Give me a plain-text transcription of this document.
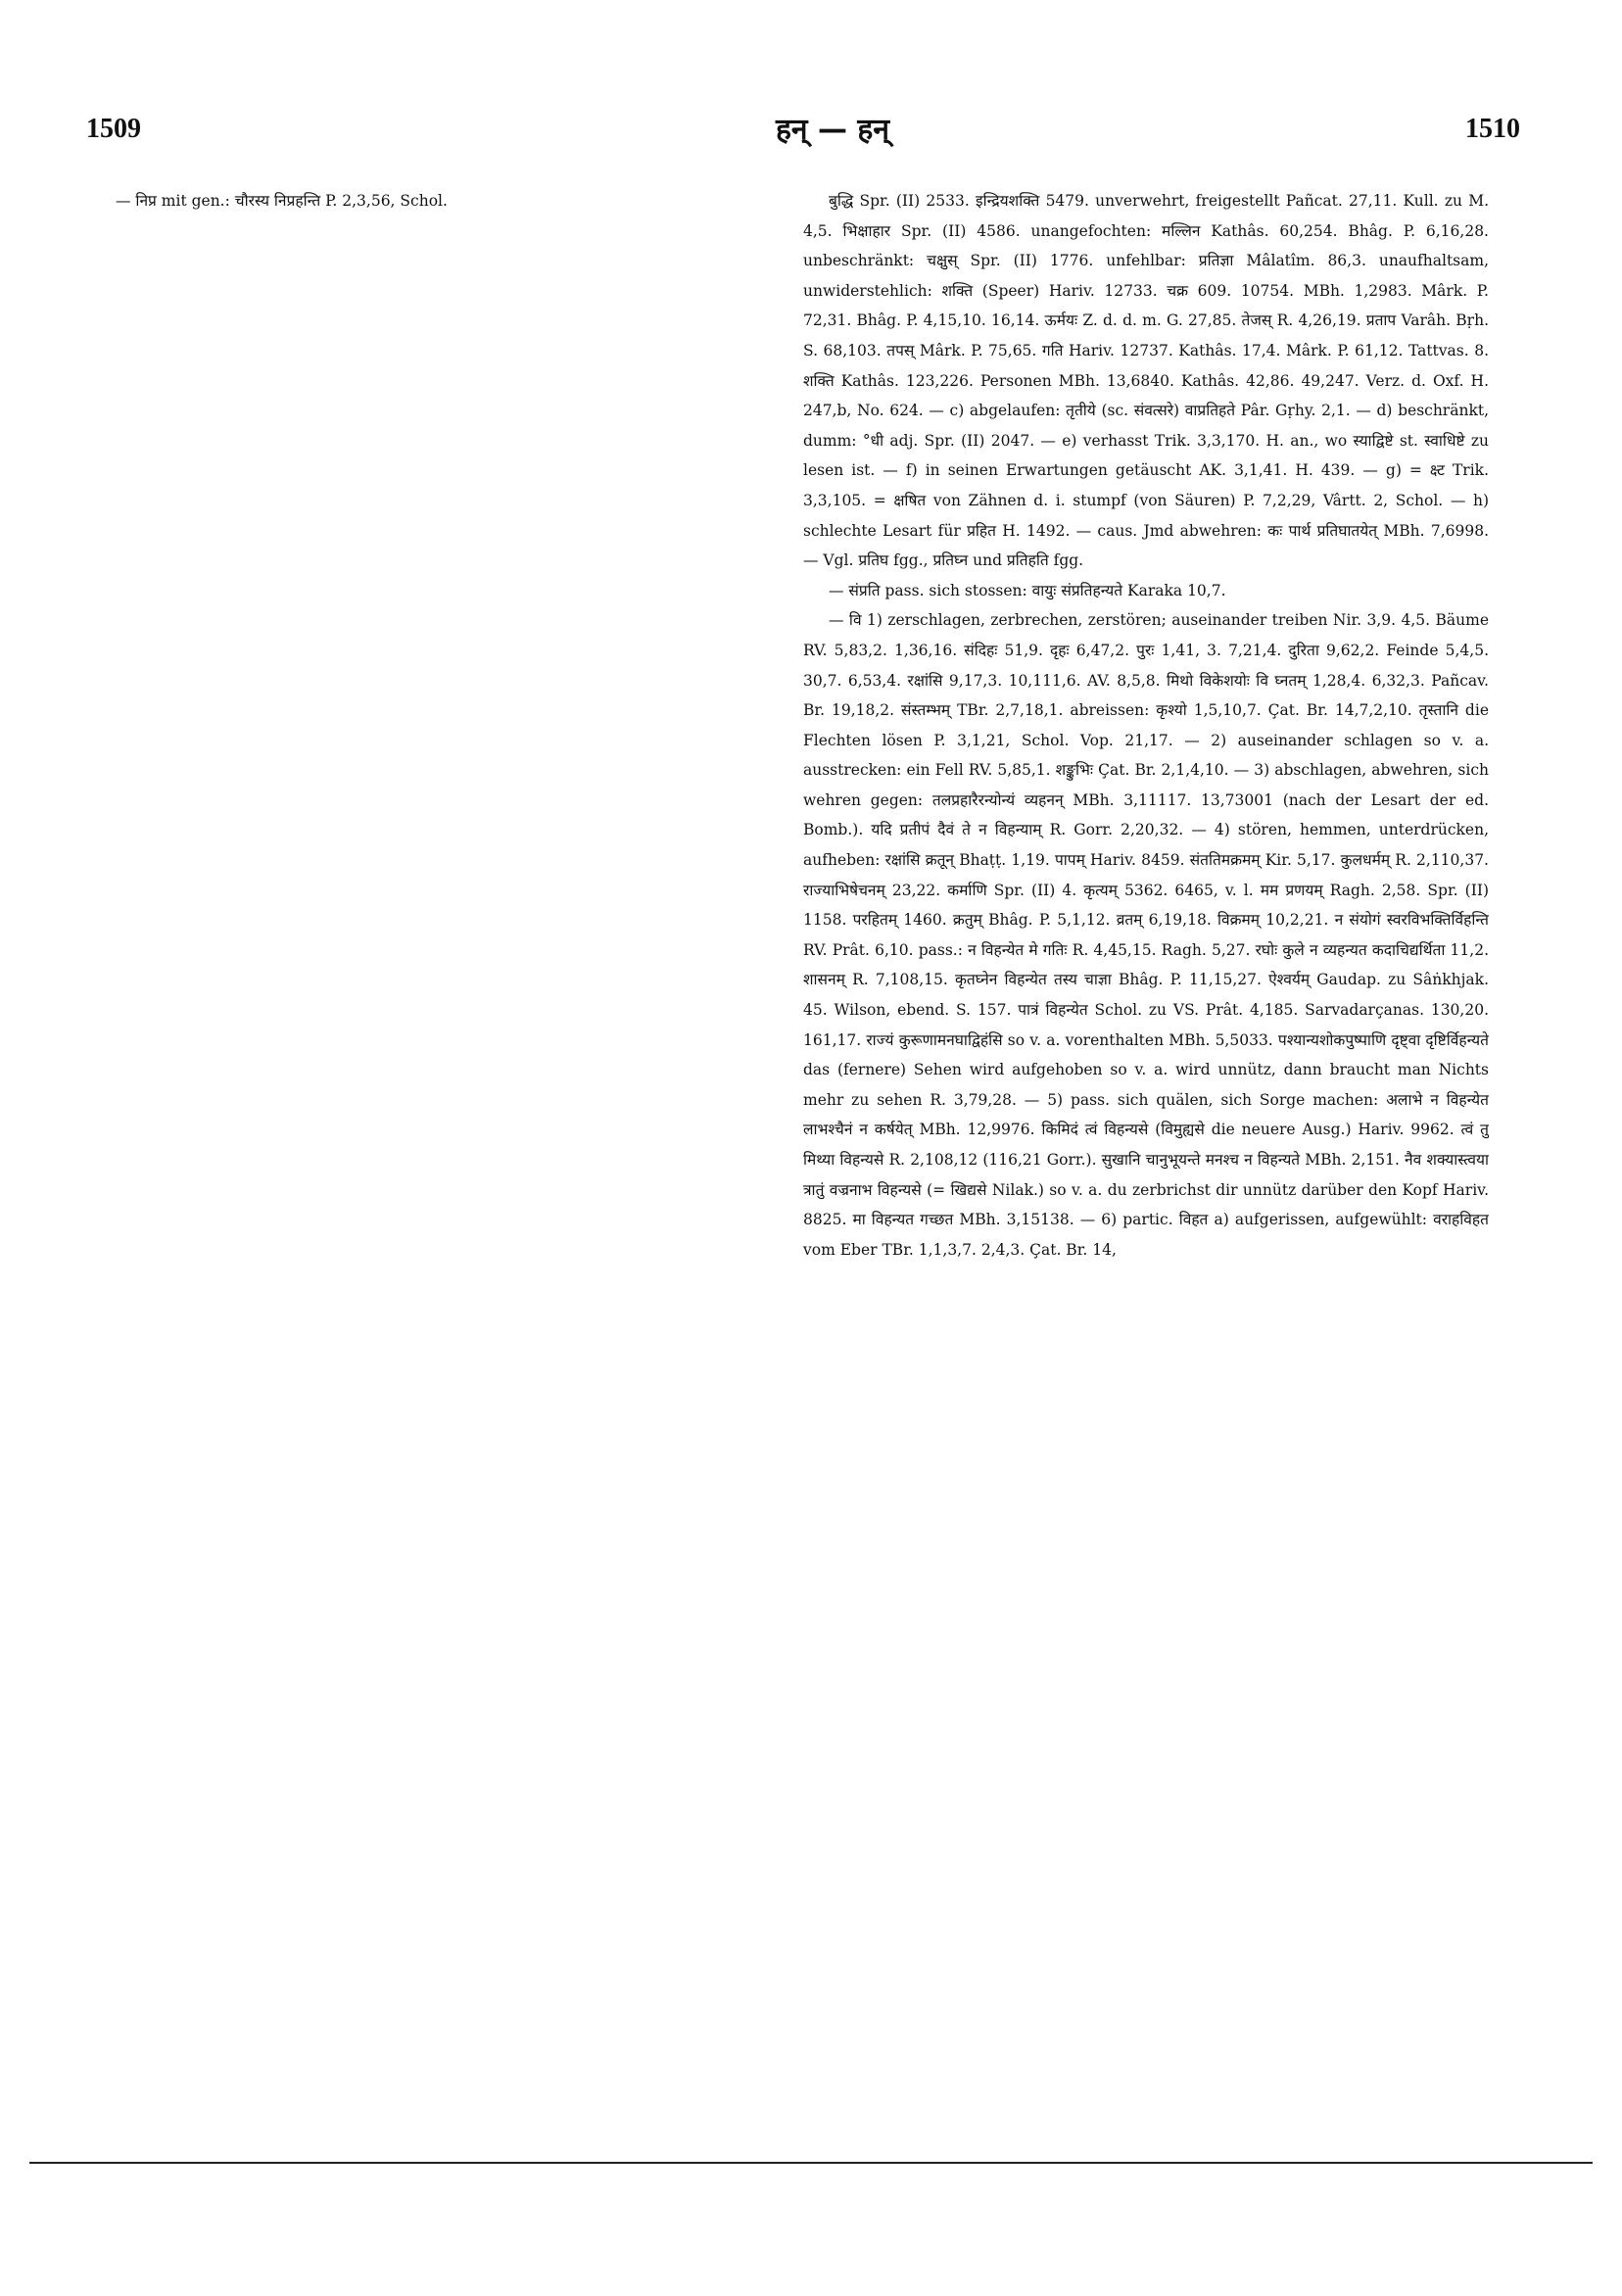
1509	हन् — हन्	1510

— निप्र mit gen.: चौरस्य निप्रहन्ति P. 2,3,56, Schol.	बुद्धि Spr. (II) 2533. इन्द्रियशक्ति 5479. unverwehrt, freigestellt Pañcat. 27,11. Kull. zu M. 4,5. भिक्षाहार Spr. (II) 4586. unangefochten: मल्लिन Kathâs. 60,254. Bhâg. P. 6,16,28. unbeschränkt: चक्षुस् Spr. (II) 1776. unfehlbar: प्रतिज्ञा Mâlatîm. 86,3. unaufhaltsam, unwiderstehlich: शक्ति (Speer) Hariv. 12733. चक्र 609. 10754. MBh. 1,2983. Mârk. P. 72,31. Bhâg. P. 4,15,10. 16,14. ऊर्मयः Z. d. d. m. G. 27,85. तेजस् R. 4,26,19. प्रताप Varâh. Bṛh. S. 68,103. तपस् Mârk. P. 75,65. गति Hariv. 12737. Kathâs. 17,4. Mârk. P. 61,12. Tattvas. 8. शक्ति Kathâs. 123,226. Personen MBh. 13,6840. Kathâs. 42,86. 49,247. Verz. d. Oxf. H. 247,b, No. 624. — c) abgelaufen: तृतीये (sc. संवत्सरे) वाप्रतिहते Pâr. Gṛhy. 2,1. — d) beschränkt, dumm: °धी adj. Spr. (II) 2047. — e) verhasst Trik. 3,3,170. H. an., wo स्याद्विष्टे st. स्वाधिष्टे zu lesen ist. — f) in seinen Erwartungen getäuscht AK. 3,1,41. H. 439. — g) = क्ष्ट Trik. 3,3,105. = क्षषित von Zähnen d. i. stumpf (von Säuren) P. 7,2,29, Vârtt. 2, Schol. — h) schlechte Lesart für प्रहित H. 1492. — caus. Jmd abwehren: कः पार्थ प्रतिघातयेत् MBh. 7,6998. — Vgl. प्रतिघ fgg., प्रतिघ्न und प्रतिहति fgg.

— संप्रति pass. sich stossen: वायुः संप्रतिहन्यते Karaka 10,7.

— वि 1) zerschlagen, zerbrechen, zerstören; auseinander treiben Nir. 3,9. 4,5. Bäume RV. 5,83,2. 1,36,16. संदिहः 51,9. दृहः 6,47,2. पुरः 1,41, 3. 7,21,4. दुरिता 9,62,2. Feinde 5,4,5. 30,7. 6,53,4. रक्षांसि 9,17,3. 10,111,6. AV. 8,5,8. मिथो विकेशयोः वि घ्नतम् 1,28,4. 6,32,3. Pañcav. Br. 19,18,2. संस्तम्भम् TBr. 2,7,18,1. abreissen: कृश्यो 1,5,10,7. Çat. Br. 14,7,2,10. तृस्तानि die Flechten lösen P. 3,1,21, Schol. Vop. 21,17. — 2) auseinander schlagen so v. a. ausstrecken: ein Fell RV. 5,85,1. शङ्कुभिः Çat. Br. 2,1,4,10. — 3) abschlagen, abwehren, sich wehren gegen: तलप्रहारैरन्योन्यं व्यहनन् MBh. 3,11117. 13,73001 (nach der Lesart der ed. Bomb.). यदि प्रतीपं दैवं ते न विहन्याम् R. Gorr. 2,20,32. — 4) stören, hemmen, unterdrücken, aufheben: रक्षांसि क्रतून् Bhaṭṭ. 1,19. पापम् Hariv. 8459. संततिमक्रमम् Kir. 5,17. कुलधर्मम् R. 2,110,37. राज्याभिषेचनम् 23,22. कर्माणि Spr. (II) 4. कृत्यम् 5362. 6465, v. l. मम प्रणयम् Ragh. 2,58. Spr. (II) 1158. परहितम् 1460. क्रतुम् Bhâg. P. 5,1,12. व्रतम् 6,19,18. विक्रमम् 10,2,21. न संयोगं स्वरविभक्तिर्विहन्ति RV. Prât. 6,10. pass.: न विहन्येत मे गतिः R. 4,45,15. Ragh. 5,27. रघोः कुले न व्यहन्यत कदाचिद्यर्थिता 11,2. शासनम् R. 7,108,15. कृतघ्नेन विहन्येत तस्य चाज्ञा Bhâg. P. 11,15,27. ऐश्वर्यम् Gaudap. zu Sâṅkhjak. 45. Wilson, ebend. S. 157. पात्रं विहन्येत Schol. zu VS. Prât. 4,185. Sarvadarçanas. 130,20. 161,17. राज्यं कुरूणामनघाद्विहंसि so v. a. vorenthalten MBh. 5,5033. पश्यान्यशोकपुष्पाणि दृष्ट्वा दृष्टिर्विहन्यते das (fernere) Sehen wird aufgehoben so v. a. wird unnütz, dann braucht man Nichts mehr zu sehen R. 3,79,28. — 5) pass. sich quälen, sich Sorge machen: अलाभे न विहन्येत लाभश्चैनं न कर्षयेत् MBh. 12,9976. किमिदं त्वं विहन्यसे (विमुह्यसे die neuere Ausg.) Hariv. 9962. त्वं तु मिथ्या विहन्यसे R. 2,108,12 (116,21 Gorr.). सुखानि चानुभूयन्ते मनश्च न विहन्यते MBh. 2,151. नैव शक्यास्त्वया त्रातुं वज्रनाभ विहन्यसे (= खिद्यसे Nilak.) so v. a. du zerbrichst dir unnütz darüber den Kopf Hariv. 8825. मा विहन्यत गच्छत MBh. 3,15138. — 6) partic. विहत a) aufgerissen, aufgewühlt: वराहविहत vom Eber TBr. 1,1,3,7. 2,4,3. Çat. Br. 14,
